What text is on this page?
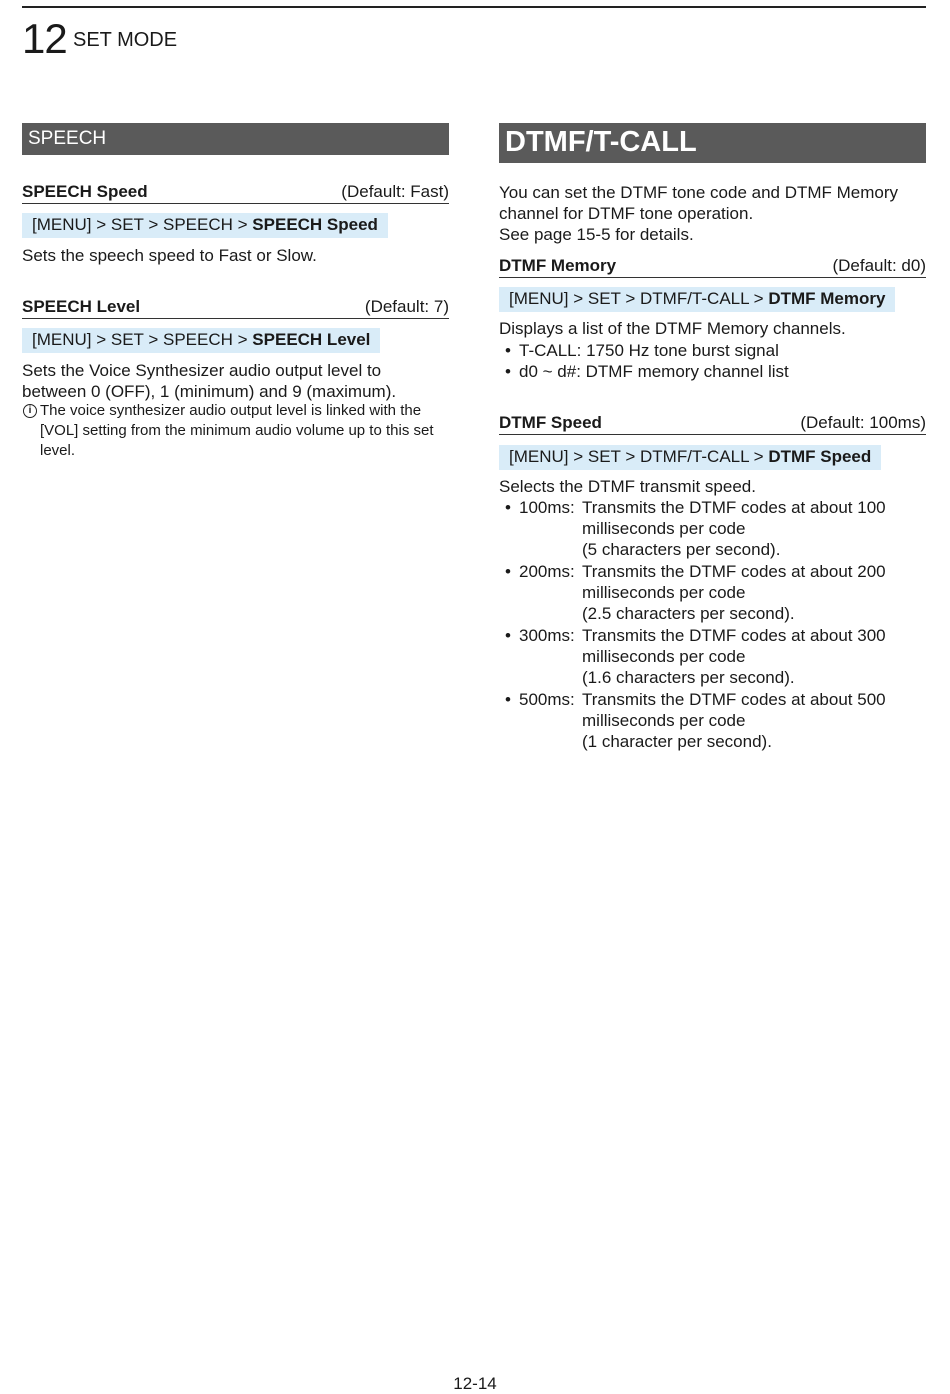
12 SET MODE
SPEECH
SPEECH Speed	(Default: Fast)
[MENU] > SET > SPEECH > SPEECH Speed
Sets the speech speed to Fast or Slow.
SPEECH Level	(Default: 7)
[MENU] > SET > SPEECH > SPEECH Level
Sets the Voice Synthesizer audio output level to between 0 (OFF), 1 (minimum) and 9 (maximum).
i The voice synthesizer audio output level is linked with the [VOL] setting from the minimum audio volume up to this set level.
DTMF/T-CALL
You can set the DTMF tone code and DTMF Memory channel for DTMF tone operation.
See page 15-5 for details.
DTMF Memory	(Default: d0)
[MENU] > SET > DTMF/T-CALL > DTMF Memory
Displays a list of the DTMF Memory channels.
• T-CALL: 1750 Hz tone burst signal
• d0 ~ d#: DTMF memory channel list
DTMF Speed	(Default: 100ms)
[MENU] > SET > DTMF/T-CALL > DTMF Speed
Selects the DTMF transmit speed.
• 100ms: Transmits the DTMF codes at about 100 milliseconds per code
(5 characters per second).
• 200ms: Transmits the DTMF codes at about 200 milliseconds per code
(2.5 characters per second).
• 300ms: Transmits the DTMF codes at about 300 milliseconds per code
(1.6 characters per second).
• 500ms: Transmits the DTMF codes at about 500 milliseconds per code
(1 character per second).
12-14
